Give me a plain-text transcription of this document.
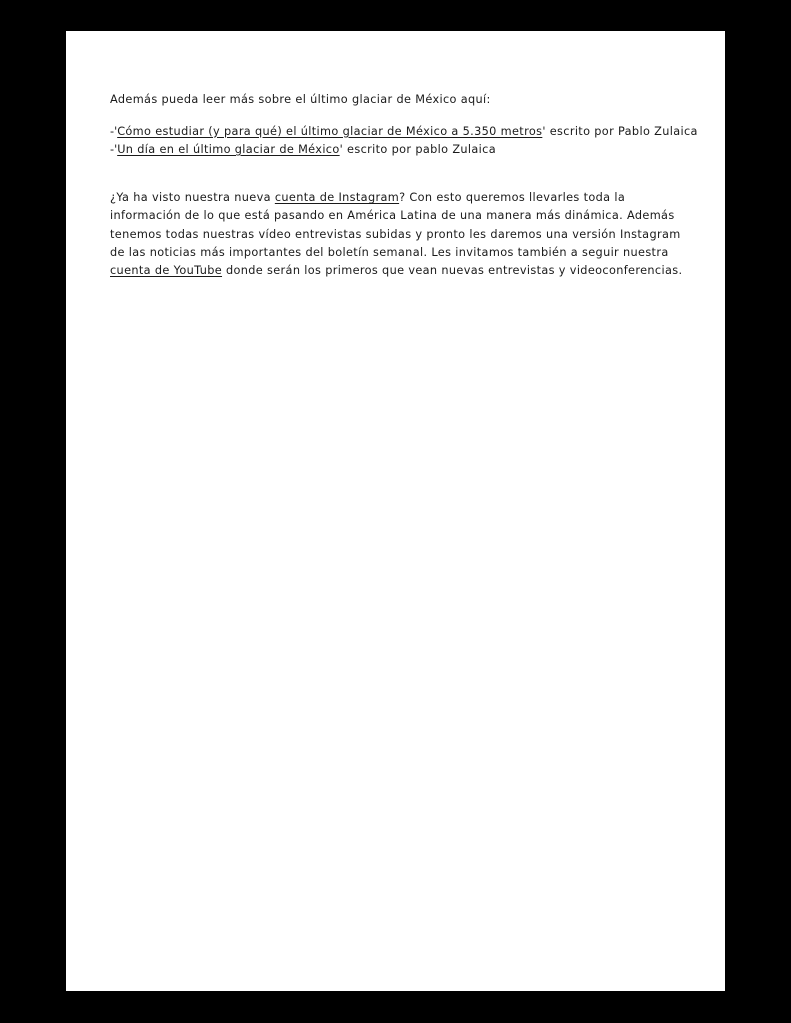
Además pueda leer más sobre el último glaciar de México aquí:

-'Cómo estudiar (y para qué) el último glaciar de México a 5.350 metros' escrito por Pablo Zulaica

-'Un día en el último glaciar de México' escrito por pablo Zulaica

¿Ya ha visto nuestra nueva cuenta de Instagram? Con esto queremos llevarles toda la información de lo que está pasando en América Latina de una manera más dinámica. Además tenemos todas nuestras vídeo entrevistas subidas y pronto les daremos una versión Instagram de las noticias más importantes del boletín semanal. Les invitamos también a seguir nuestra cuenta de YouTube donde serán los primeros que vean nuevas entrevistas y videoconferencias.
